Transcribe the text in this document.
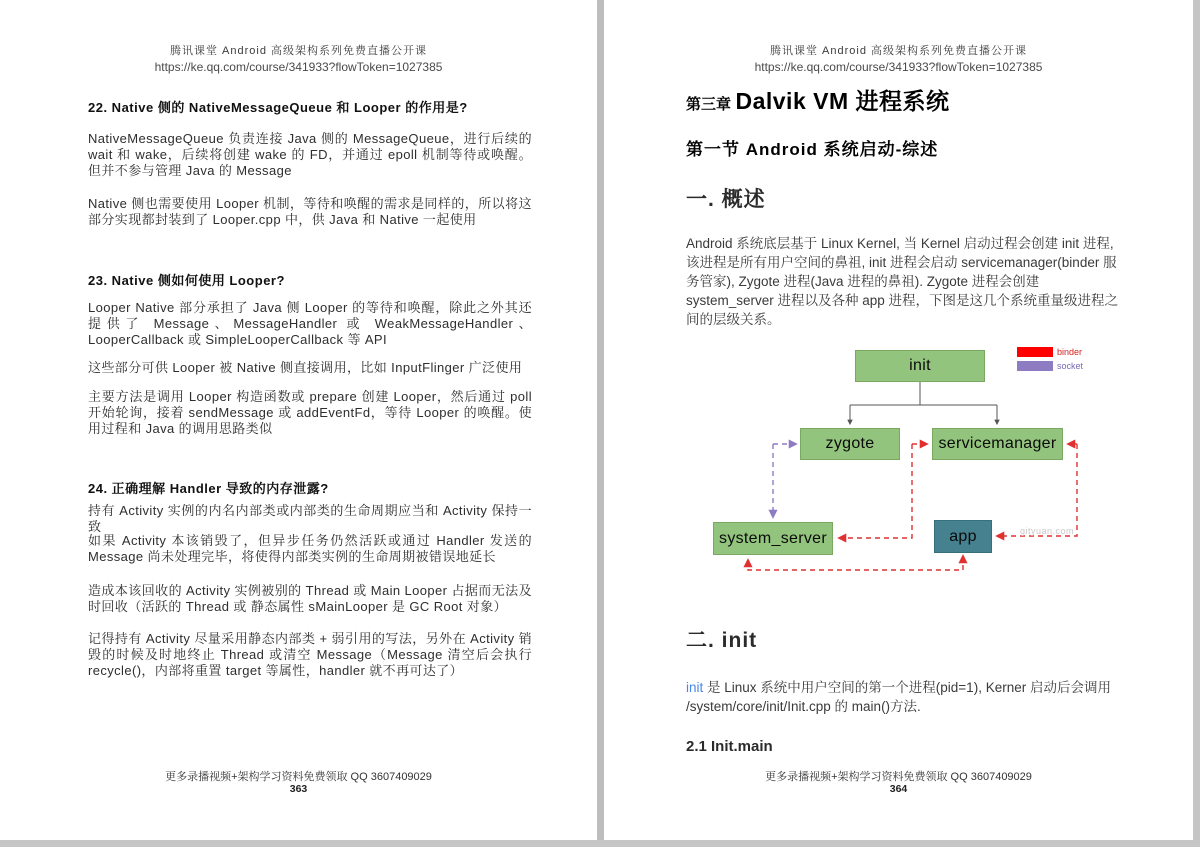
腾讯课堂 Android 高级架构系列免费直播公开课
https://ke.qq.com/course/341933?flowToken=1027385
22. Native 侧的 NativeMessageQueue 和 Looper 的作用是?
NativeMessageQueue 负责连接 Java 侧的 MessageQueue，进行后续的 wait 和 wake，后续将创建 wake 的 FD，并通过 epoll 机制等待或唤醒。但并不参与管理 Java 的 Message
Native 侧也需要使用 Looper 机制，等待和唤醒的需求是同样的，所以将这部分实现都封装到了 Looper.cpp 中，供 Java 和 Native 一起使用
23. Native 侧如何使用 Looper?
Looper Native 部分承担了 Java 侧 Looper 的等待和唤醒，除此之外其还提供了 Message、MessageHandler 或 WeakMessageHandler、LooperCallback 或 SimpleLooperCallback 等 API
这些部分可供 Looper 被 Native 侧直接调用，比如 InputFlinger 广泛使用
主要方法是调用 Looper 构造函数或 prepare 创建 Looper，然后通过 poll 开始轮询，接着 sendMessage 或 addEventFd，等待 Looper 的唤醒。使用过程和 Java 的调用思路类似
24. 正确理解 Handler 导致的内存泄露?
持有 Activity 实例的内名内部类或内部类的生命周期应当和 Activity 保持一致
如果 Activity 本该销毁了，但异步任务仍然活跃或通过 Handler 发送的 Message 尚未处理完毕，将使得内部类实例的生命周期被错误地延长
造成本该回收的 Activity 实例被别的 Thread 或 Main Looper 占据而无法及时回收（活跃的 Thread 或 静态属性 sMainLooper 是 GC Root 对象）
记得持有 Activity 尽量采用静态内部类 + 弱引用的写法，另外在 Activity 销毁的时候及时地终止 Thread 或清空 Message（Message 清空后会执行 recycle()，内部将重置 target 等属性，handler 就不再可达了）
更多录播视频+架构学习资料免费领取 QQ 3607409029
363
腾讯课堂 Android 高级架构系列免费直播公开课
https://ke.qq.com/course/341933?flowToken=1027385
第三章 Dalvik VM 进程系统
第一节 Android 系统启动-综述
一. 概述
Android 系统底层基于 Linux Kernel, 当 Kernel 启动过程会创建 init 进程, 该进程是所有用户空间的鼻祖, init 进程会启动 servicemanager(binder 服务管家), Zygote 进程(Java 进程的鼻祖). Zygote 进程会创建 system_server 进程以及各种 app 进程，下图是这几个系统重量级进程之间的层级关系。
init
zygote	servicemanager
system_server	app
binder
socket
gityuan.com
二. init
init 是 Linux 系统中用户空间的第一个进程(pid=1), Kerner 启动后会调用 /system/core/init/Init.cpp 的 main()方法.
2.1 Init.main
更多录播视频+架构学习资料免费领取 QQ 3607409029
364
